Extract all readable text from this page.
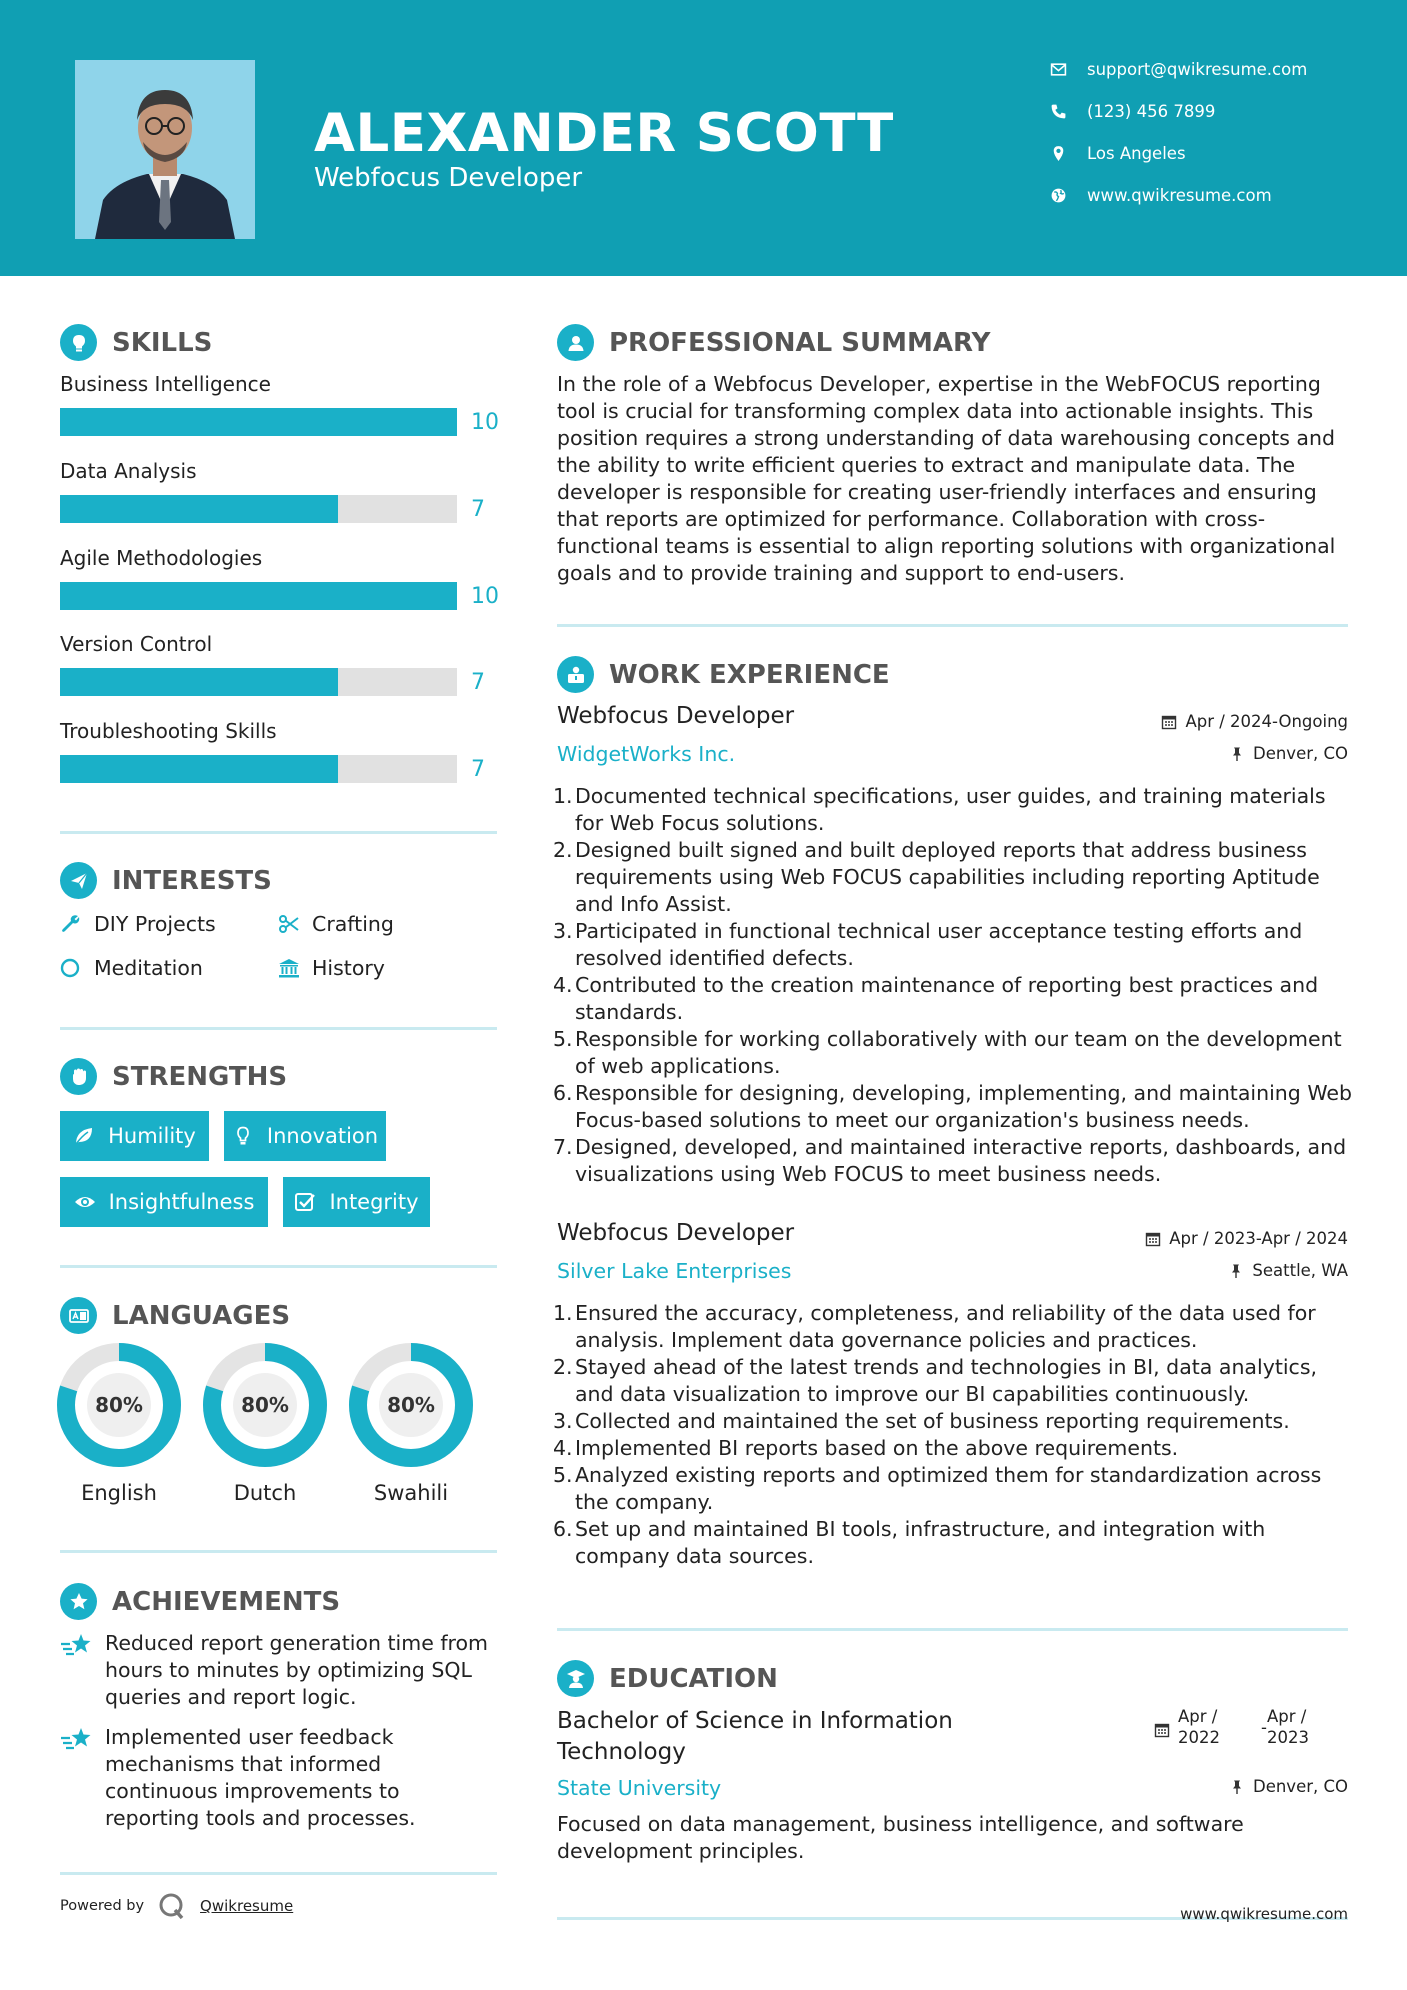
ALEXANDER SCOTT
Webfocus Developer
support@qwikresume.com
(123) 456 7899
Los Angeles
www.qwikresume.com
SKILLS
Business Intelligence
10
Data Analysis
7
Agile Methodologies
10
Version Control
7
Troubleshooting Skills
7
INTERESTS
DIY Projects	Crafting
Meditation	History
STRENGTHS
Humility	Innovation
Insightfulness	Integrity
LANGUAGES
80%
English
80%
Dutch
80%
Swahili
ACHIEVEMENTS
Reduced report generation time from hours to minutes by optimizing SQL queries and report logic.
Implemented user feedback mechanisms that informed continuous improvements to reporting tools and processes.
Powered by	Qwikresume
PROFESSIONAL SUMMARY
In the role of a Webfocus Developer, expertise in the WebFOCUS reporting tool is crucial for transforming complex data into actionable insights. This position requires a strong understanding of data warehousing concepts and the ability to write efficient queries to extract and manipulate data. The developer is responsible for creating user-friendly interfaces and ensuring that reports are optimized for performance. Collaboration with cross-functional teams is essential to align reporting solutions with organizational goals and to provide training and support to end-users.
WORK EXPERIENCE
Webfocus Developer	Apr / 2024-Ongoing
WidgetWorks Inc.	Denver, CO
Documented technical specifications, user guides, and training materials for Web Focus solutions.
Designed built signed and built deployed reports that address business requirements using Web FOCUS capabilities including reporting Aptitude and Info Assist.
Participated in functional technical user acceptance testing efforts and resolved identified defects.
Contributed to the creation maintenance of reporting best practices and standards.
Responsible for working collaboratively with our team on the development of web applications.
Responsible for designing, developing, implementing, and maintaining Web Focus-based solutions to meet our organization's business needs.
Designed, developed, and maintained interactive reports, dashboards, and visualizations using Web FOCUS to meet business needs.
Webfocus Developer	Apr / 2023-Apr / 2024
Silver Lake Enterprises	Seattle, WA
Ensured the accuracy, completeness, and reliability of the data used for analysis. Implement data governance policies and practices.
Stayed ahead of the latest trends and technologies in BI, data analytics, and data visualization to improve our BI capabilities continuously.
Collected and maintained the set of business reporting requirements.
Implemented BI reports based on the above requirements.
Analyzed existing reports and optimized them for standardization across the company.
Set up and maintained BI tools, infrastructure, and integration with company data sources.
EDUCATION
Bachelor of Science in Information Technology
Apr /
2022
-
Apr /
2023
State University	Denver, CO
Focused on data management, business intelligence, and software development principles.
www.qwikresume.com
